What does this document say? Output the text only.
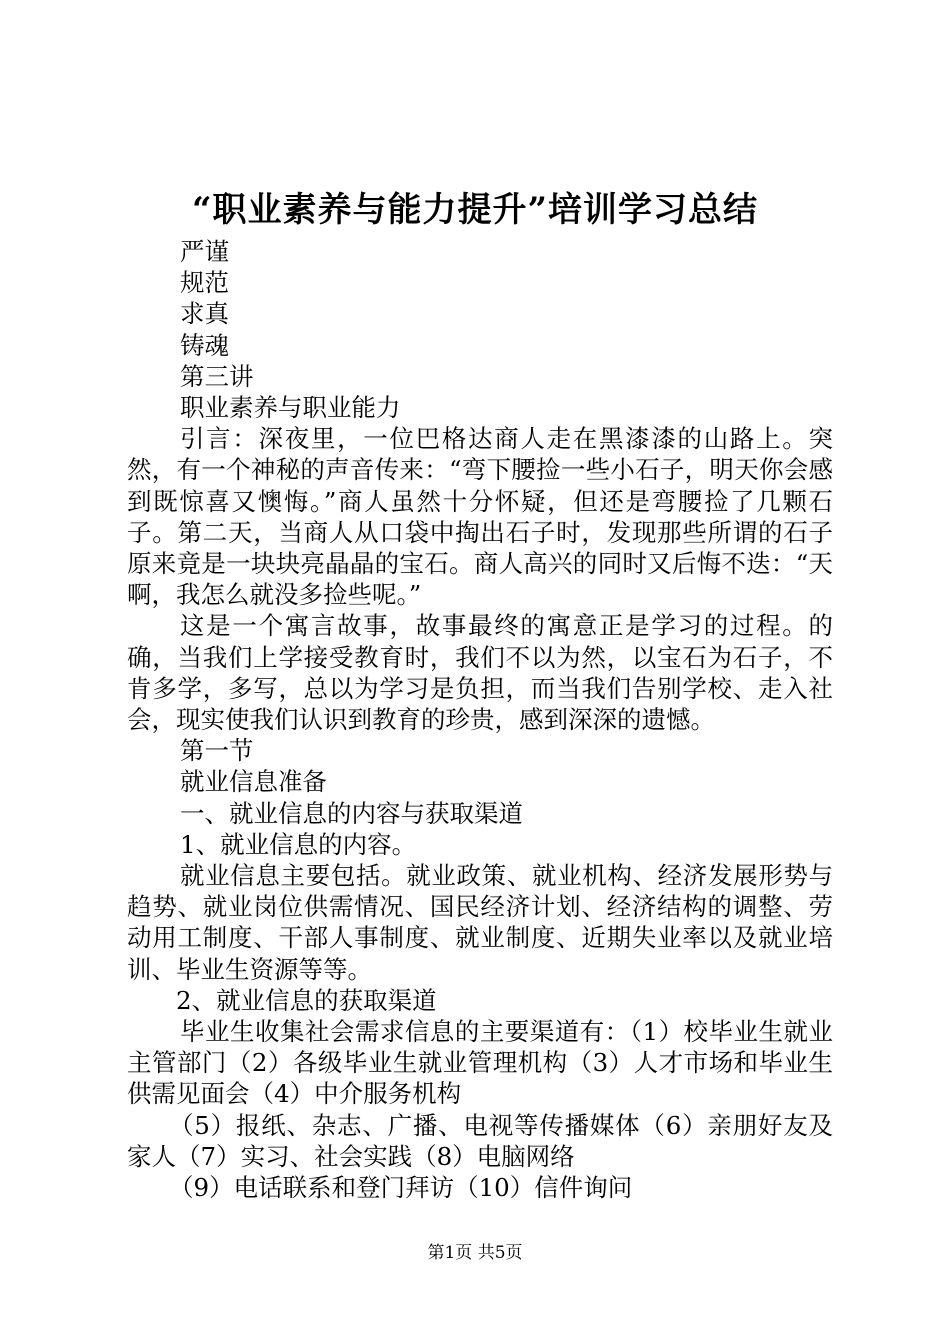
“职业素养与能力提升”培训学习总结

严谨

规范

求真

铸魂

第三讲

职业素养与职业能力

引言：深夜里，一位巴格达商人走在黑漆漆的山路上。突然，有一个神秘的声音传来：“弯下腰捡一些小石子，明天你会感到既惊喜又懊悔。”商人虽然十分怀疑，但还是弯腰捡了几颗石子。第二天，当商人从口袋中掏出石子时，发现那些所谓的石子原来竟是一块块亮晶晶的宝石。商人高兴的同时又后悔不迭：“天啊，我怎么就没多捡些呢。”

这是一个寓言故事，故事最终的寓意正是学习的过程。的确，当我们上学接受教育时，我们不以为然，以宝石为石子，不肯多学，多写，总以为学习是负担，而当我们告别学校、走入社会，现实使我们认识到教育的珍贵，感到深深的遗憾。

第一节

就业信息准备

一、就业信息的内容与获取渠道

1、就业信息的内容。

就业信息主要包括。就业政策、就业机构、经济发展形势与趋势、就业岗位供需情况、国民经济计划、经济结构的调整、劳动用工制度、干部人事制度、就业制度、近期失业率以及就业培训、毕业生资源等等。

2、就业信息的获取渠道

毕业生收集社会需求信息的主要渠道有：（1）校毕业生就业主管部门（2）各级毕业生就业管理机构（3）人才市场和毕业生供需见面会（4）中介服务机构

（5）报纸、杂志、广播、电视等传播媒体（6）亲朋好友及家人（7）实习、社会实践（8）电脑网络

（9）电话联系和登门拜访（10）信件询问

第1页 共5页
